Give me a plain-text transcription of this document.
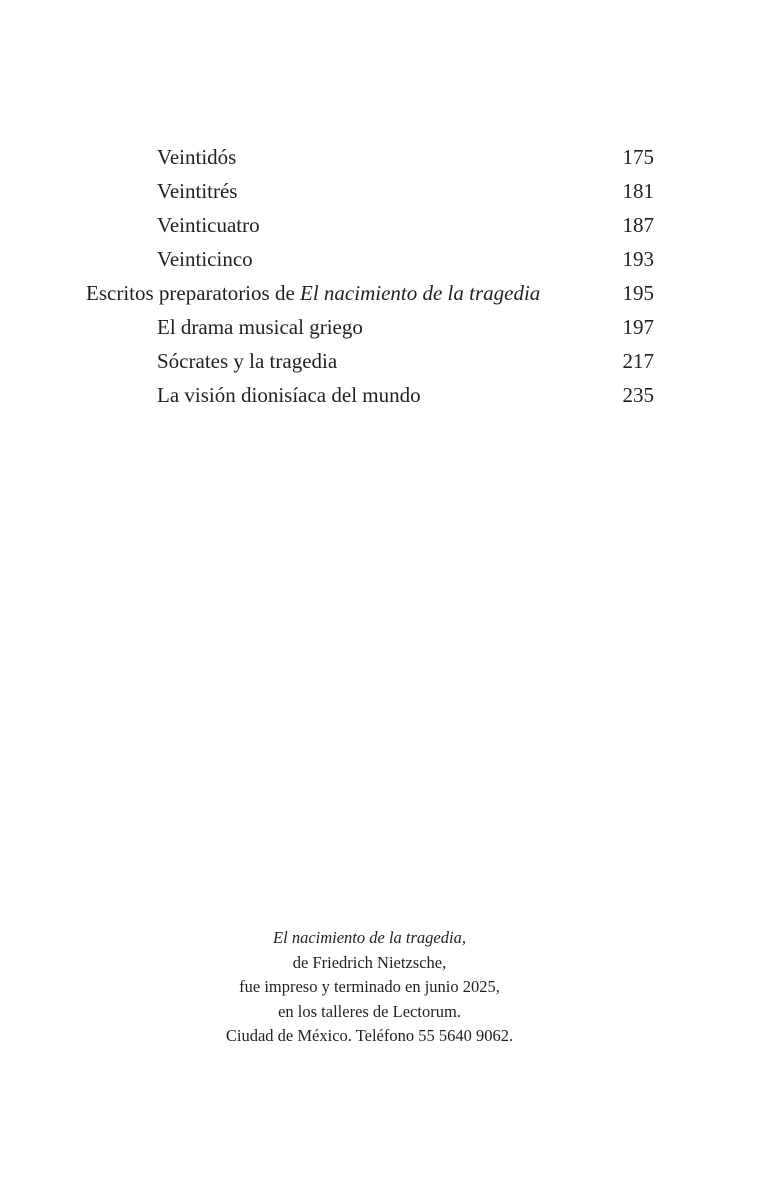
Veintidós	175
Veintitrés	181
Veinticuatro	187
Veinticinco	193
Escritos preparatorios de El nacimiento de la tragedia	195
El drama musical griego	197
Sócrates y la tragedia	217
La visión dionisíaca del mundo	235
El nacimiento de la tragedia,
de Friedrich Nietzsche,
fue impreso y terminado en junio 2025,
en los talleres de Lectorum.
Ciudad de México. Teléfono 55 5640 9062.
